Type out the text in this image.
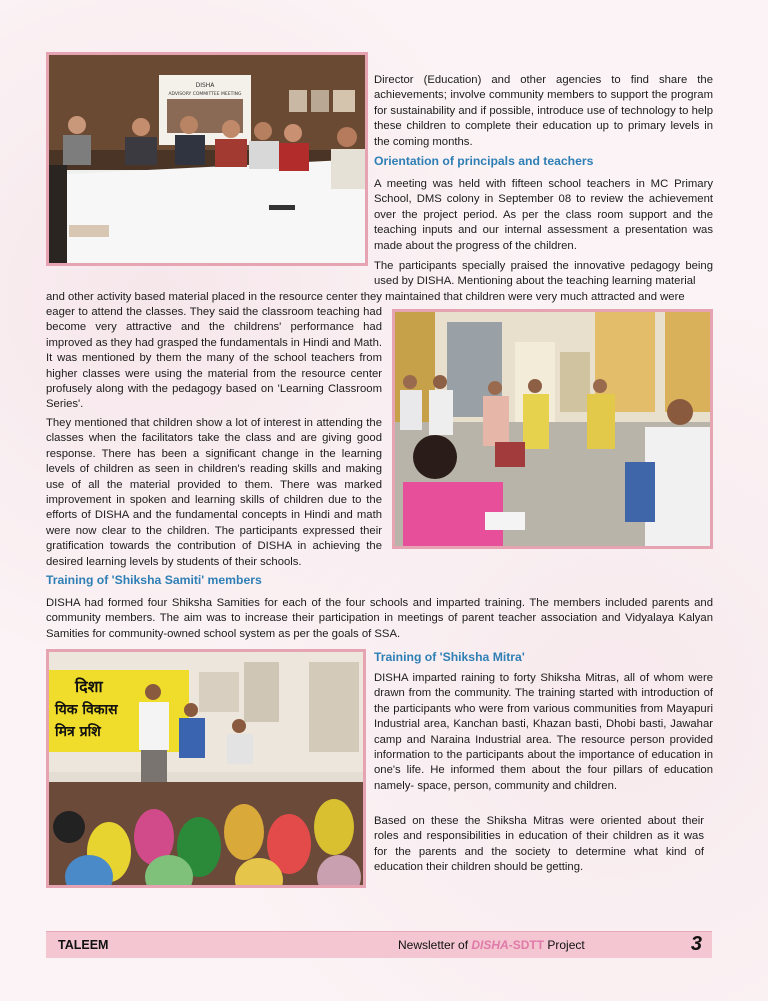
DISHA
ADVISORY COMMITTEE MEETING

Director (Education) and other agencies to find share the achievements; involve community members to support the program for sustainability and if possible, introduce use of technology to help these children to complete their education up to primary levels in the coming months.

Orientation of principals and teachers

A meeting was held with fifteen school teachers in MC Primary School, DMS colony in September 08 to review the achievement over the project period. As per the class room support and the teaching inputs and our internal assessment a presentation was made about the progress of the children.

The participants specially praised the innovative pedagogy being used by DISHA. Mentioning about the teaching learning material

and other activity based material placed in the resource center they maintained that children were very much attracted and were

eager to attend the classes. They said the classroom teaching had become very attractive and the childrens' performance had improved as they had grasped the fundamentals in Hindi and Math. It was mentioned by them the many of the school teachers from higher classes were using the material from the resource center profusely along with the pedagogy based on 'Learning Classroom Series'.

They mentioned that children show a lot of interest in attending the classes when the facilitators take the class and are giving good response. There has been a significant change in the learning levels of children as seen in children's reading skills and making use of all the material provided to them. There was marked improvement in spoken and learning skills of children due to the efforts of DISHA and the fundamental concepts in Hindi and math were now clear to the children. The participants expressed their gratification towards the contribution of DISHA in achieving the desired learning levels by students of their schools.

Training of 'Shiksha Samiti' members

DISHA had formed four Shiksha Samities for each of the four schools and imparted training. The members included parents and community members. The aim was to increase their participation in meetings of parent teacher association and Vidyalaya Kalyan Samities for community-owned school system as per the goals of SSA.

दिशा
यिक विकास
मित्र प्रशि
Training of 'Shiksha Mitra'

DISHA imparted raining to forty Shiksha Mitras, all of whom were drawn from the community. The training started with introduction of the participants who were from various communities from Mayapuri Industrial area, Kanchan basti, Khazan basti, Dhobi basti, Jawahar camp and Naraina Industrial area. The resource person provided information to the participants about the importance of education in one's life. He informed them about the four pillars of education namely- space, person, community and children.

Based on these the Shiksha Mitras were oriented about their roles and responsibilities in education of their children as it was for the parents and the society to determine what kind of education their children should be getting.

TALEEM	Newsletter of DISHA-SDTT Project	3
